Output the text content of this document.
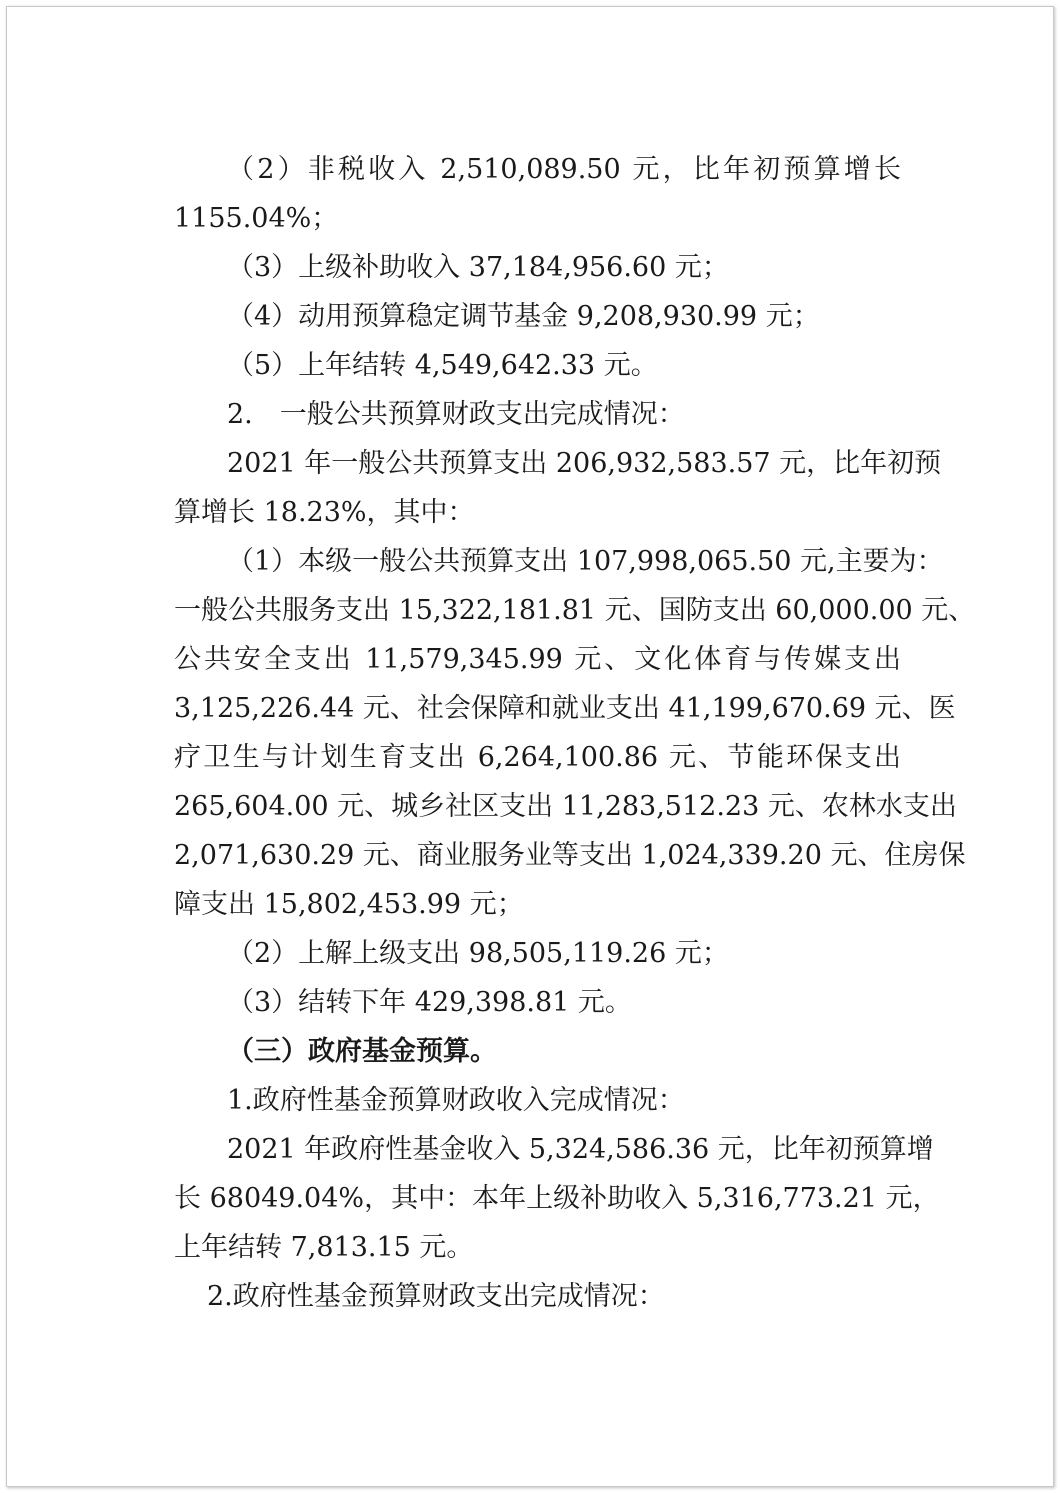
（2）非税收入 2,510,089.50 元，比年初预算增长
1155.04%；
（3）上级补助收入 37,184,956.60 元；
（4）动用预算稳定调节基金 9,208,930.99 元；
（5）上年结转 4,549,642.33 元。
2.　一般公共预算财政支出完成情况：
2021 年一般公共预算支出 206,932,583.57 元，比年初预
算增长 18.23%，其中：
（1）本级一般公共预算支出 107,998,065.50 元,主要为：
一般公共服务支出 15,322,181.81 元、国防支出 60,000.00 元、
公共安全支出 11,579,345.99 元、文化体育与传媒支出
3,125,226.44 元、社会保障和就业支出 41,199,670.69 元、医
疗卫生与计划生育支出 6,264,100.86 元、节能环保支出
265,604.00 元、城乡社区支出 11,283,512.23 元、农林水支出
2,071,630.29 元、商业服务业等支出 1,024,339.20 元、住房保
障支出 15,802,453.99 元；
（2）上解上级支出 98,505,119.26 元；
（3）结转下年 429,398.81 元。
（三）政府基金预算。
1.政府性基金预算财政收入完成情况：
2021 年政府性基金收入 5,324,586.36 元，比年初预算增
长 68049.04%，其中：本年上级补助收入 5,316,773.21 元，
上年结转 7,813.15 元。
2.政府性基金预算财政支出完成情况：
